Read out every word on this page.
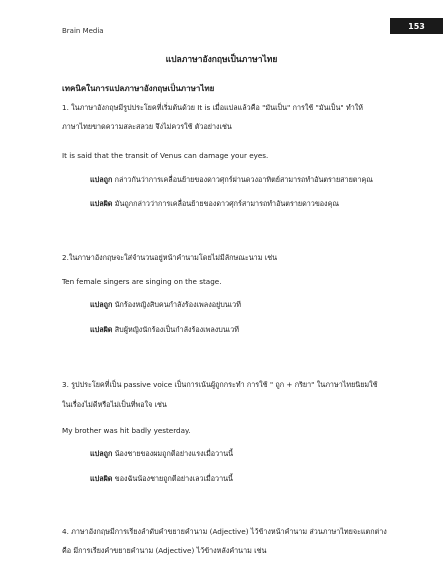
Brain Media
153
แปลภาษาอังกฤษเป็นภาษาไทย
เทคนิคในการแปลภาษาอังกฤษเป็นภาษาไทย
1. ในภาษาอังกฤษมีรูปประโยคที่เริ่มต้นด้วย It is เมื่อแปลแล้วคือ "มันเป็น" การใช้ "มันเป็น" ทำให้
ภาษาไทยขาดความสละสลวย จึงไม่ควรใช้ ตัวอย่างเช่น
It is said that the transit of Venus can damage your eyes.
แปลถูก กล่าวกันว่าการเคลื่อนย้ายของดาวศุกร์ผ่านดวงอาทิตย์สามารถทำอันตรายสายตาคุณ
แปลผิด มันถูกกล่าวว่าการเคลื่อนย้ายของดาวศุกร์สามารถทำอันตรายดาวของคุณ
2.ในภาษาอังกฤษจะใส่จำนวนอยู่หน้าคำนามโดยไม่มีลักษณะนาม เช่น
Ten female singers are singing on the stage.
แปลถูก นักร้องหญิงสิบคนกำลังร้องเพลงอยู่บนเวที
แปลผิด สิบผู้หญิงนักร้องเป็นกำลังร้องเพลงบนเวที
3. รูปประโยคที่เป็น passive voice เป็นการเน้นผู้ถูกกระทำ การใช้ " ถูก + กริยา" ในภาษาไทยนิยมใช้
ในเรื่องไม่ดีหรือไม่เป็นที่พอใจ เช่น
My brother was hit badly yesterday.
แปลถูก น้องชายของผมถูกตีอย่างแรงเมื่อวานนี้
แปลผิด ของฉันน้องชายถูกตีอย่างเลวเมื่อวานนี้
4. ภาษาอังกฤษมีการเรียงลำดับคำขยายคำนาม (Adjective) ไว้ข้างหน้าคำนาม ส่วนภาษาไทยจะแตกต่าง
คือ มีการเรียงคำขยายคำนาม (Adjective) ไว้ข้างหลังคำนาม เช่น
